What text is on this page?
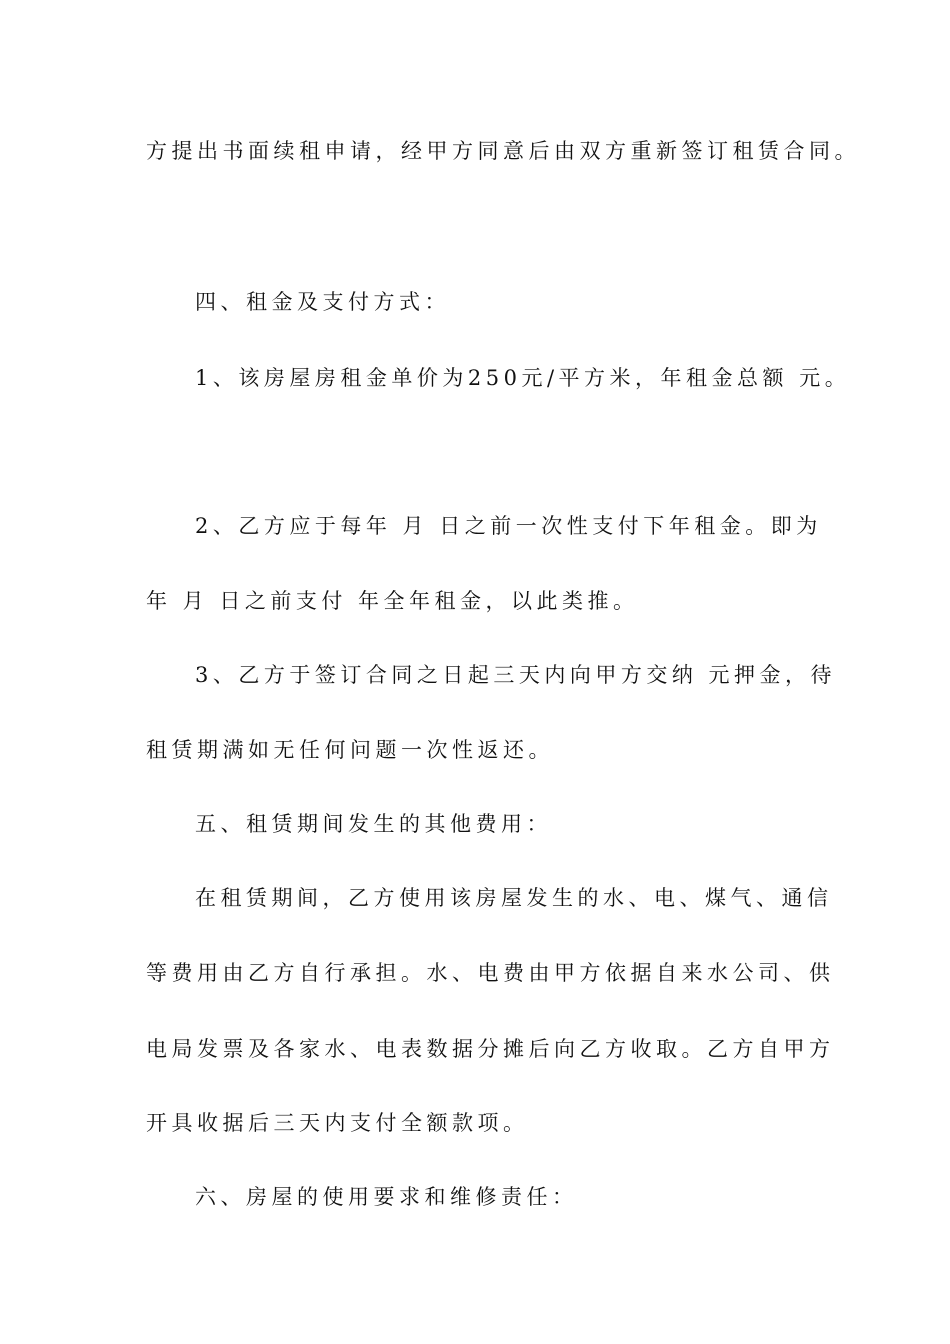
方提出书面续租申请，经甲方同意后由双方重新签订租赁合同。
四、租金及支付方式：
1、该房屋房租金单价为250元/平方米，年租金总额 元。
2、乙方应于每年 月 日之前一次性支付下年租金。即为
年 月 日之前支付 年全年租金，以此类推。
3、乙方于签订合同之日起三天内向甲方交纳 元押金，待
租赁期满如无任何问题一次性返还。
五、租赁期间发生的其他费用：
在租赁期间，乙方使用该房屋发生的水、电、煤气、通信
等费用由乙方自行承担。水、电费由甲方依据自来水公司、供
电局发票及各家水、电表数据分摊后向乙方收取。乙方自甲方
开具收据后三天内支付全额款项。
六、房屋的使用要求和维修责任：
